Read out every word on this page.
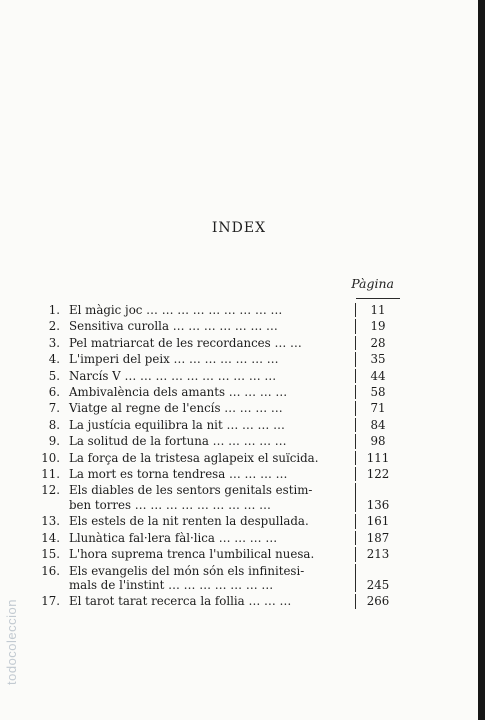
todocoleccion
INDEX
Pàgina
1. El màgic joc … … … … … … … … …	11
2. Sensitiva curolla … … … … … … …	19
3. Pel matriarcat de les recordances … …	28
4. L'imperi del peix … … … … … … …	35
5. Narcís V … … … … … … … … … …	44
6. Ambivalència dels amants … … … …	58
7. Viatge al regne de l'encís … … … …	71
8. La justícia equilibra la nit … … … …	84
9. La solitud de la fortuna … … … … …	98
10. La força de la tristesa aglapeix el suïcida.	111
11. La mort es torna tendresa … … … …	122
12. Els diables de les sentors genitals estim-
ben torres … … … … … … … … …	136
13. Els estels de la nit renten la despullada.	161
14. Llunàtica fal·lera fàl·lica … … … …	187
15. L'hora suprema trenca l'umbilical nuesa.	213
16. Els evangelis del món són els infinitesi-
mals de l'instint … … … … … … …	245
17. El tarot tarat recerca la follia … … …	266
